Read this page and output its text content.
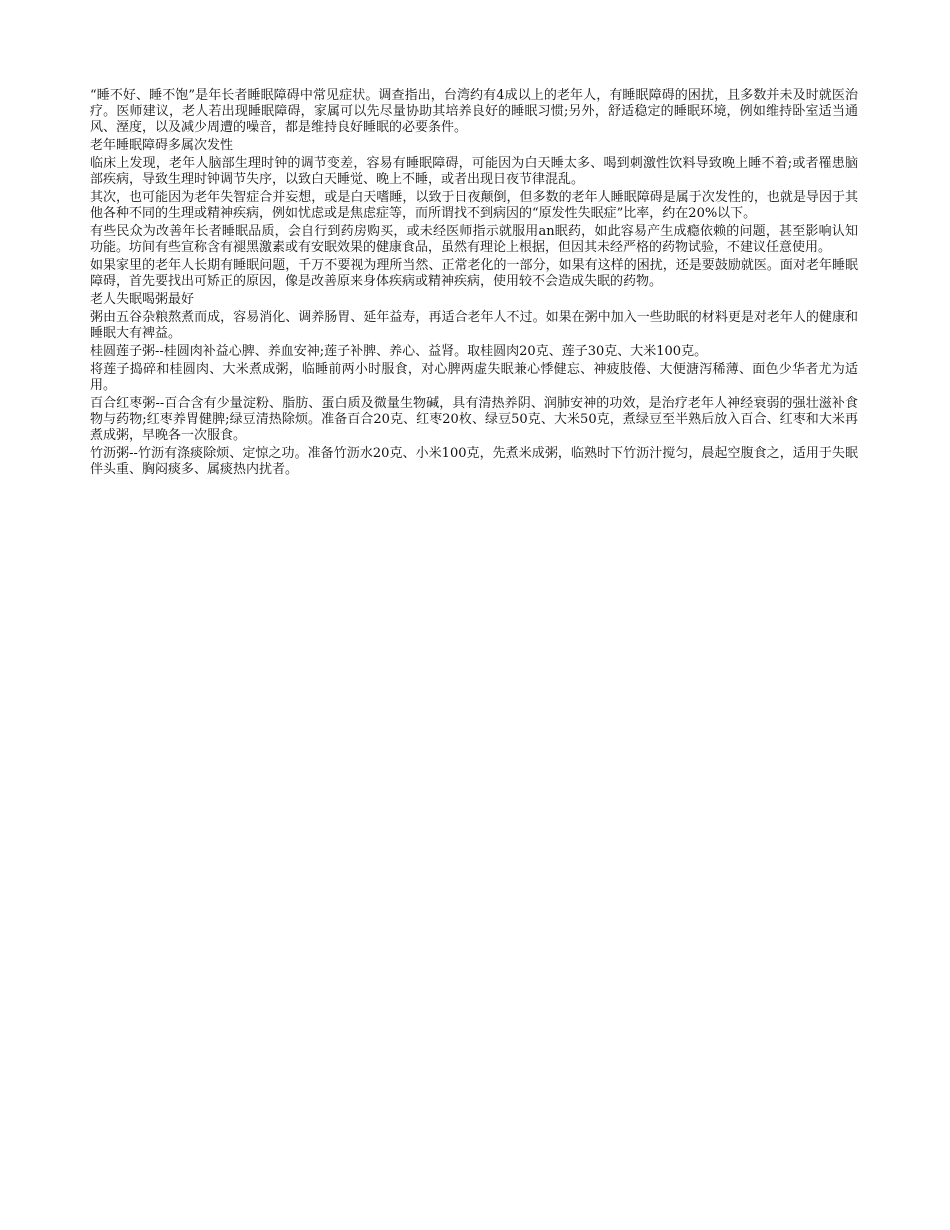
“睡不好、睡不饱”是年长者睡眠障碍中常见症状。调查指出，台湾约有4成以上的老年人，有睡眠障碍的困扰，且多数并未及时就医治疗。医师建议，老人若出现睡眠障碍，家属可以先尽量协助其培养良好的睡眠习惯;另外，舒适稳定的睡眠环境，例如维持卧室适当通风、溼度，以及减少周遭的噪音，都是维持良好睡眠的必要条件。

老年睡眠障碍多属次发性

临床上发现，老年人脑部生理时钟的调节变差，容易有睡眠障碍，可能因为白天睡太多、喝到刺激性饮料导致晚上睡不着;或者罹患脑部疾病，导致生理时钟调节失序，以致白天睡觉、晚上不睡，或者出现日夜节律混乱。

其次，也可能因为老年失智症合并妄想，或是白天嗜睡，以致于日夜颠倒，但多数的老年人睡眠障碍是属于次发性的，也就是导因于其他各种不同的生理或精神疾病，例如忧虑或是焦虑症等，而所谓找不到病因的“原发性失眠症”比率，约在20%以下。

有些民众为改善年长者睡眠品质，会自行到药房购买，或未经医师指示就服用an眠药，如此容易产生成瘾依赖的问题，甚至影响认知功能。坊间有些宣称含有褪黑激素或有安眠效果的健康食品，虽然有理论上根据，但因其未经严格的药物试验，不建议任意使用。

如果家里的老年人长期有睡眠问题，千万不要视为理所当然、正常老化的一部分，如果有这样的困扰，还是要鼓励就医。面对老年睡眠障碍，首先要找出可矫正的原因，像是改善原来身体疾病或精神疾病，使用较不会造成失眠的药物。

老人失眠喝粥最好

粥由五谷杂粮熬煮而成，容易消化、调养肠胃、延年益寿，再适合老年人不过。如果在粥中加入一些助眠的材料更是对老年人的健康和睡眠大有裨益。

桂圆莲子粥--桂圆肉补益心脾、养血安神;莲子补脾、养心、益肾。取桂圆肉20克、莲子30克、大米100克。

将莲子捣碎和桂圆肉、大米煮成粥，临睡前两小时服食，对心脾两虚失眠兼心悸健忘、神疲肢倦、大便溏泻稀薄、面色少华者尤为适用。

百合红枣粥--百合含有少量淀粉、脂肪、蛋白质及微量生物碱，具有清热养阴、润肺安神的功效，是治疗老年人神经衰弱的强壮滋补食物与药物;红枣养胃健脾;绿豆清热除烦。准备百合20克、红枣20枚、绿豆50克、大米50克，煮绿豆至半熟后放入百合、红枣和大米再煮成粥，早晚各一次服食。

竹沥粥--竹沥有涤痰除烦、定惊之功。准备竹沥水20克、小米100克，先煮米成粥，临熟时下竹沥汁搅匀，晨起空腹食之，适用于失眠伴头重、胸闷痰多、属痰热内扰者。
